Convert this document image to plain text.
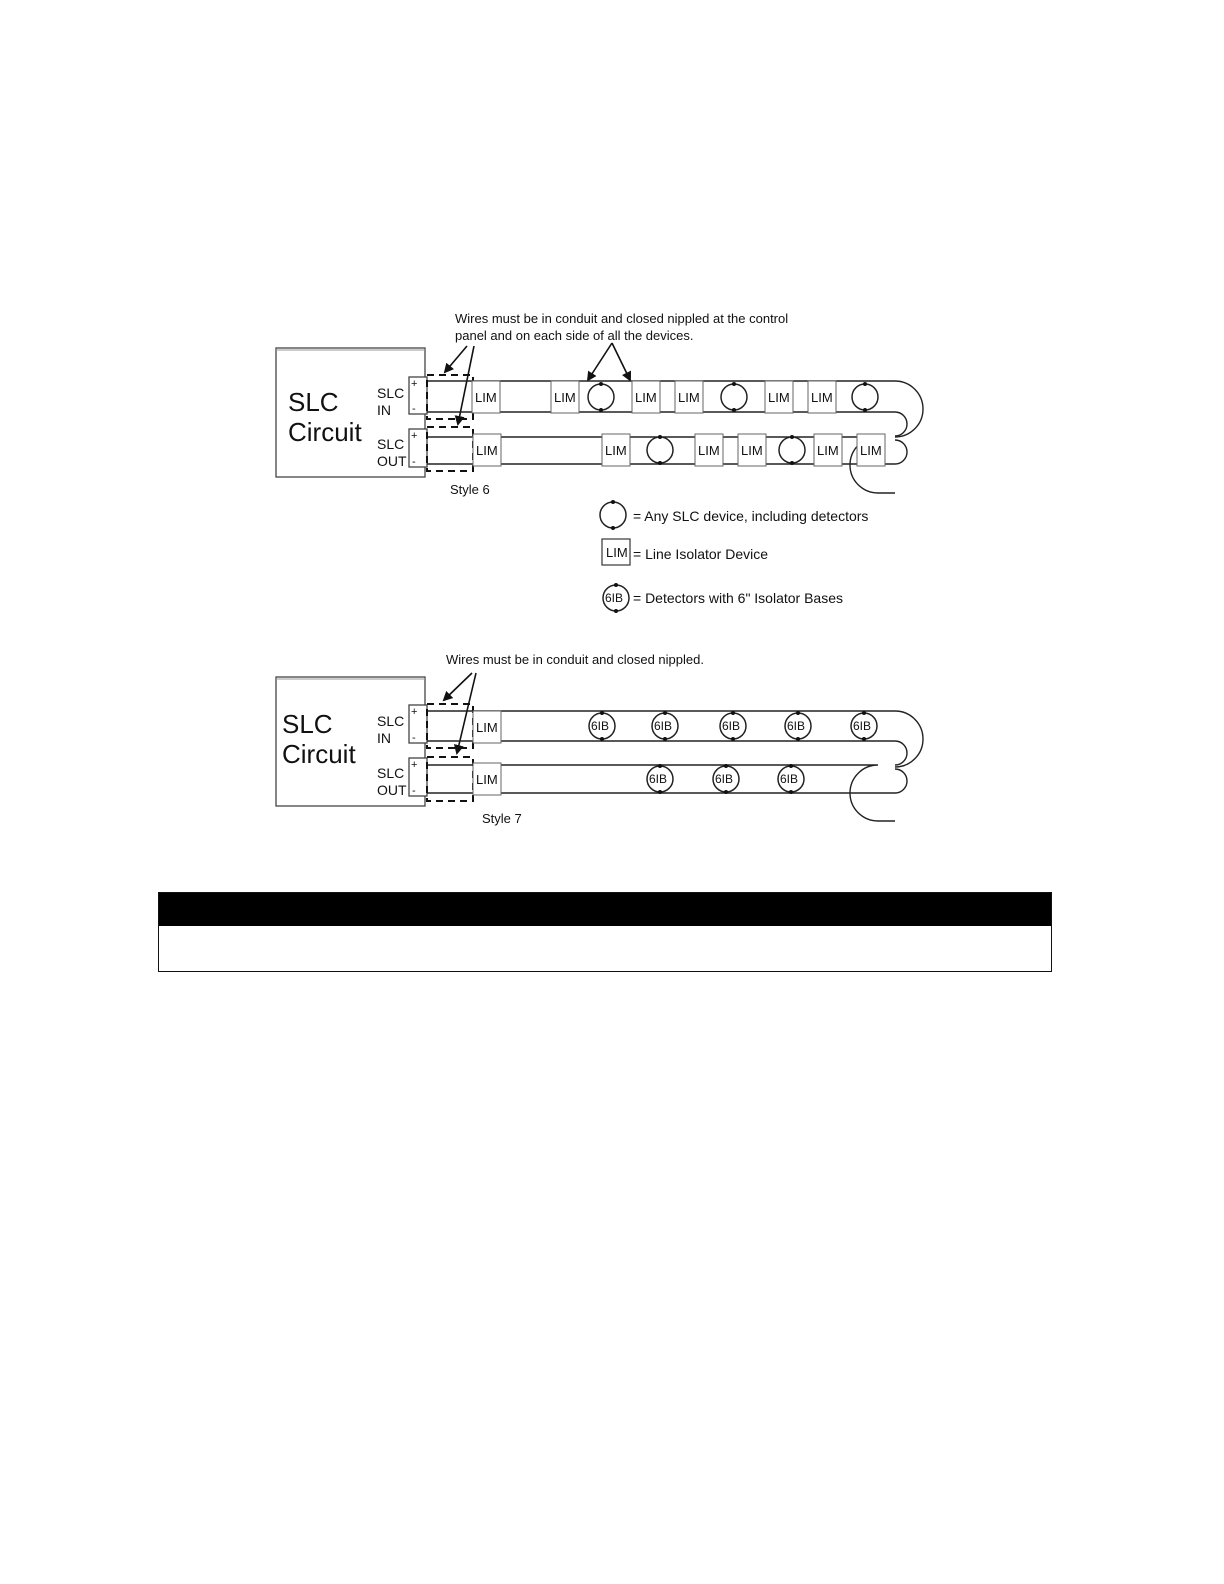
Wires must be in conduit and closed nippled at the control
panel and on each side of all the devices.
SLC
Circuit
SLC
IN
SLC
OUT
+
-
+
-
LIM	LIM	LIM LIM	LIM LIM
LIM	LIM	LIM LIM	LIM LIM
Style 6
= Any SLC device, including detectors
LIM = Line Isolator Device
6IB = Detectors with 6" Isolator Bases
Wires must be in conduit and closed nippled.
SLC
Circuit
SLC
IN
SLC
OUT
+
-
+
-
LIM
LIM
6IB	6IB	6IB	6IB	6IB
6IB	6IB	6IB
Style 7
